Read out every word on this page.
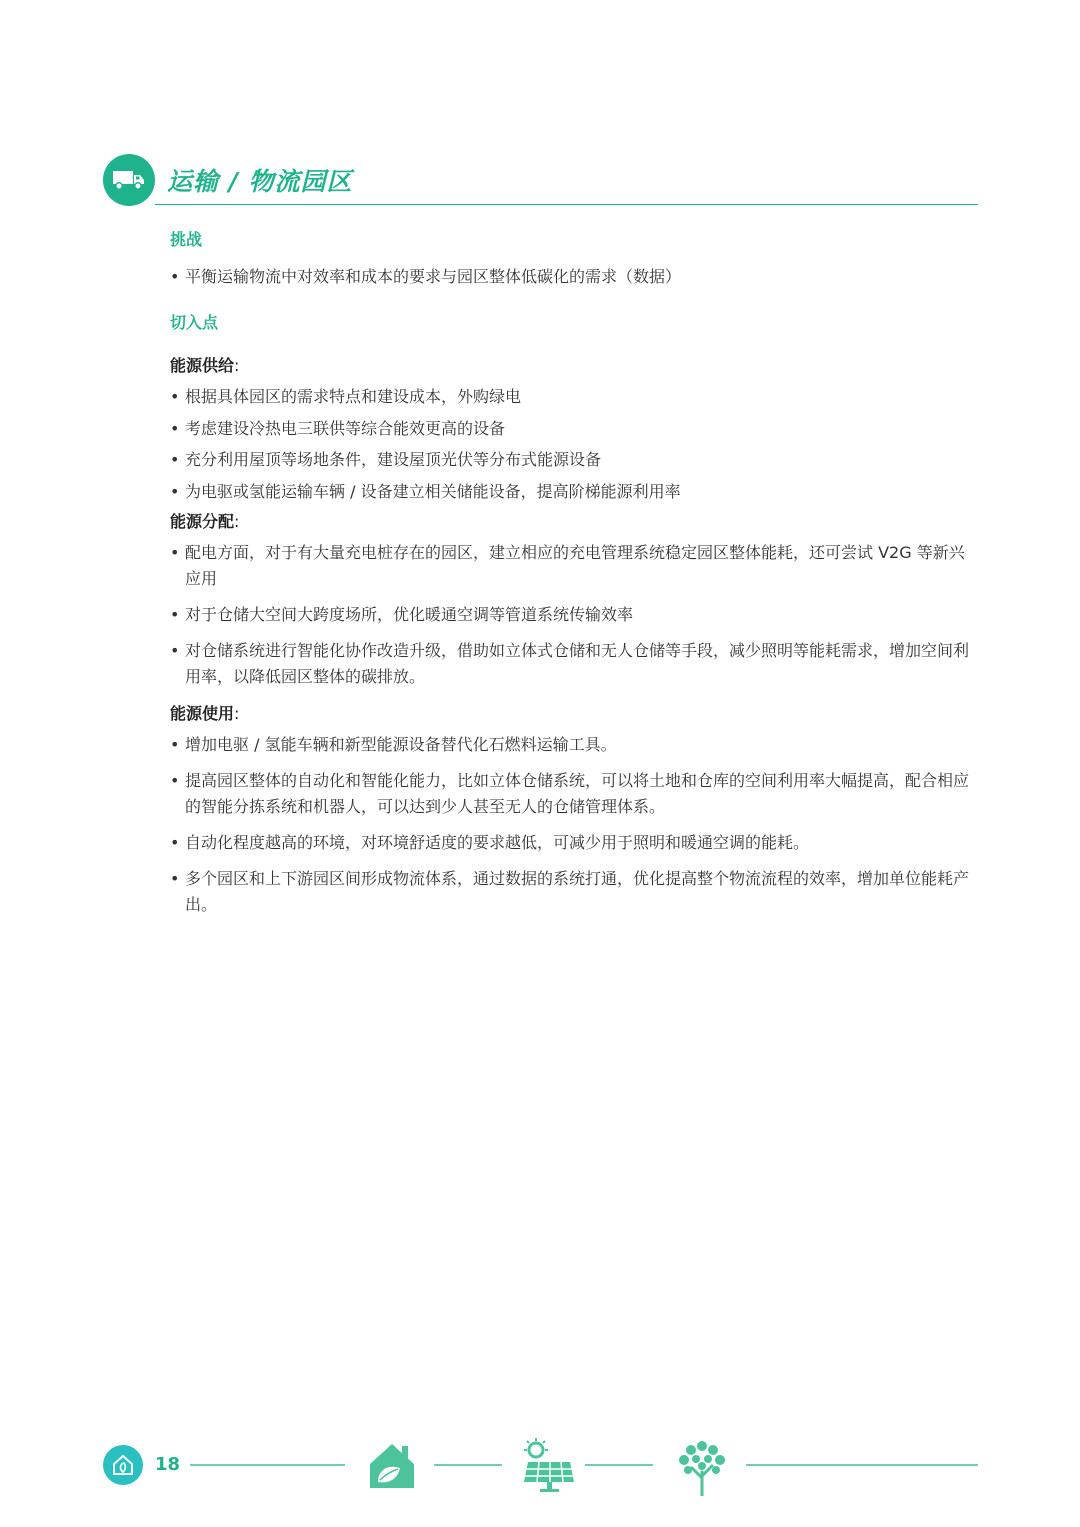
运输 / 物流园区
挑战
• 平衡运输物流中对效率和成本的要求与园区整体低碳化的需求（数据）
切入点
能源供给:
• 根据具体园区的需求特点和建设成本，外购绿电
• 考虑建设冷热电三联供等综合能效更高的设备
• 充分利用屋顶等场地条件，建设屋顶光伏等分布式能源设备
• 为电驱或氢能运输车辆 / 设备建立相关储能设备，提高阶梯能源利用率
能源分配:
• 配电方面，对于有大量充电桩存在的园区，建立相应的充电管理系统稳定园区整体能耗，还可尝试 V2G 等新兴应用
• 对于仓储大空间大跨度场所，优化暖通空调等管道系统传输效率
• 对仓储系统进行智能化协作改造升级，借助如立体式仓储和无人仓储等手段，减少照明等能耗需求，增加空间利用率，以降低园区整体的碳排放。
能源使用:
• 增加电驱 / 氢能车辆和新型能源设备替代化石燃料运输工具。
• 提高园区整体的自动化和智能化能力，比如立体仓储系统，可以将土地和仓库的空间利用率大幅提高，配合相应的智能分拣系统和机器人，可以达到少人甚至无人的仓储管理体系。
• 自动化程度越高的环境，对环境舒适度的要求越低，可减少用于照明和暖通空调的能耗。
• 多个园区和上下游园区间形成物流体系，通过数据的系统打通，优化提高整个物流流程的效率，增加单位能耗产出。
18
